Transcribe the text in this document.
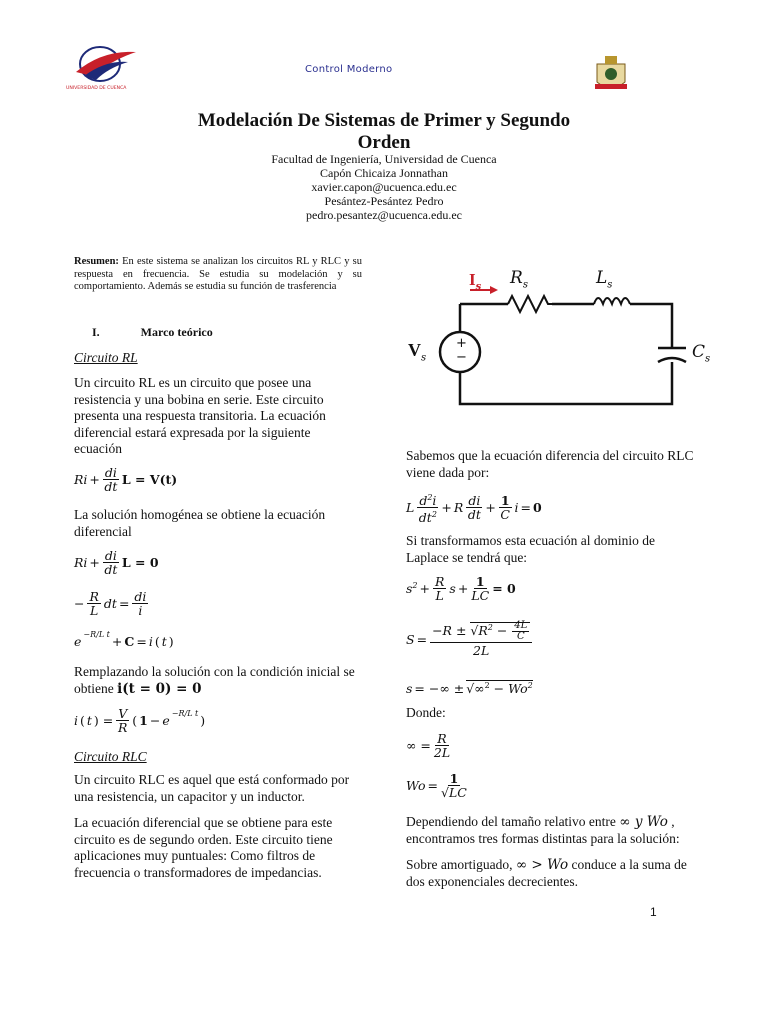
UNIVERSIDAD DE CUENCA
Control Moderno
Modelación De Sistemas de Primer y Segundo
Orden
Facultad de Ingeniería, Universidad de Cuenca
Capón Chicaiza Jonnathan
xavier.capon@ucuenca.edu.ec
Pesántez-Pesántez Pedro
pedro.pesantez@ucuenca.edu.ec
Resumen: En este sistema se analizan los circuitos RL y RLC y su respuesta en frecuencia. Se estudia su modelación y su comportamiento. Además se estudia su función de trasferencia
I.	Marco teórico
Circuito RL
Un circuito RL es un circuito que posee una resistencia y una bobina en serie. Este circuito presenta una respuesta transitoria. La ecuación diferencial estará expresada por la siguiente ecuación
$Ri + \frac{di}{dt}$ L = V(t)
La solución homogénea se obtiene la ecuación diferencial
$Ri + \frac{di}{dt}$ L = 0
− $\frac{R}{L}$ dt = $\frac{di}{i}$
e −R/L t + C = i ( t )
Remplazando la solución con la condición inicial se obtiene i(t = 0) = 0
i ( t ) = $\frac{V}{R}$ ( 1 − e −R/L t )
Circuito RLC
Un circuito RLC es aquel que está conformado por una resistencia, un capacitor y un inductor.
La ecuación diferencial que se obtiene para este circuito es de segundo orden. Este circuito tiene aplicaciones muy puntuales: Como filtros de frecuencia o transformadores de impedancias.
$I_s$ $R_s$	$L_s$
$V_s$
+
−	$C_s$
Sabemos que la ecuación diferencia del circuito RLC viene dada por:
L $\frac{d^2i}{dt^2} + R \frac{di}{dt} + \frac{1}{C}$ i = 0
Si transformamos esta ecuación al dominio de Laplace se tendrá que:
$s^2 + \frac{R}{L}$ $s + \frac{1}{LC} = 0$
$S = \frac{-R \pm √R^2 - \frac{4L}{C}}{2L}$
s = −∞ ± $√\infty^2 - Wo^2$
Donde:
∞ = $\frac{R}{2L}$
$Wo = \frac{1}{√LC}$
Dependiendo del tamaño relativo entre ∞ y Wo , encontramos tres formas distintas para la solución:
Sobre amortiguado, ∞ > Wo conduce a la suma de dos exponenciales decrecientes.
1
